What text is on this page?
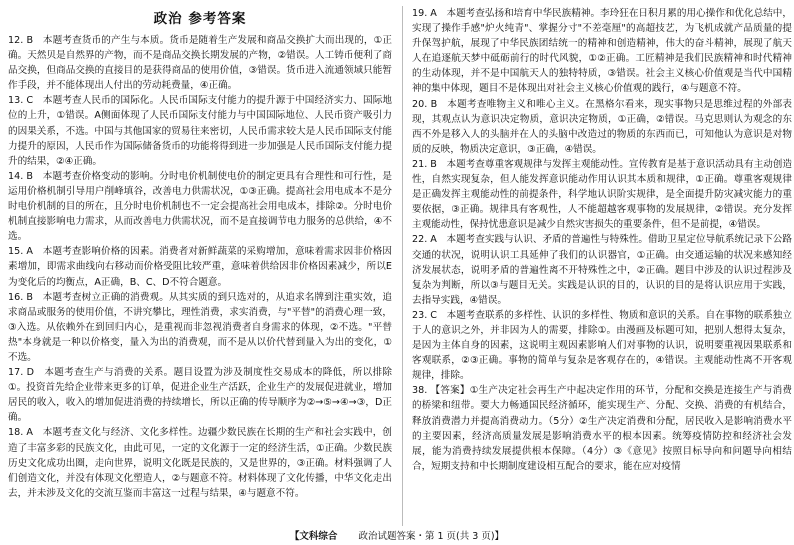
政治 参考答案

12. B　本题考查货币的产生与本质。货币是随着生产发展和商品交换扩大而出现的，①正确。天然贝是自然界的产物，而不是商品交换长期发展的产物，②错误。人工铸币便利了商品交换，但商品交换的直接目的是获得商品的使用价值，③错误。货币进入流通领域只能暂作手段，并不能体现出人付出的劳动耗费量，④正确。

13. C　本题考查人民币的国际化。人民币国际支付能力的提升源于中国经济实力、国际地位的上升，①错误。A侧面体现了人民币国际支付能力与中国国际地位、人民币资产吸引力的因果关系，不选。中国与其他国家的贸易往来密切，人民币需求较大是人民币国际支付能力提升的原因，人民币作为国际储备货币的功能将得到进一步加强是人民币国际支付能力提升的结果，②④正确。

14. B　本题考查价格变动的影响。分时电价机制使电价的制定更具有合理性和可行性，是运用价格机制引导用户削峰填谷，改善电力供需状况，①③正确。提高社会用电成本不是分时电价机制的目的所在，且分时电价机制也不一定会提高社会用电成本，排除②。分时电价机制直接影响电力需求，从而改善电力供需状况，而不是直接调节电力服务的总供给，④不选。

15. A　本题考查影响价格的因素。消费者对新鲜蔬菜的采购增加，意味着需求因非价格因素增加，即需求曲线向右移动而价格受阻比较严重，意味着供给因非价格因素减少，所以E为变化后的均衡点，A正确，B、C、D不符合题意。

16. B　本题考查树立正确的消费观。从其实质的到只选对的，从追求名牌到注重实效，追求商品或服务的使用价值，不讲究攀比，理性消费，求实消费，与"平替"的消费心理一致，③入选。从依赖外在到回归内心，是重视而非忽视消费者自身需求的体现，②不选。"平替热"本身就是一种以价格变，量入为出的消费观，而不是从以价代替到量入为出的变化，①不选。

17. D　本题考查生产与消费的关系。题目设置为涉及制度性交易成本的降低，所以排除①。投资首先给企业带来更多的订单，促进企业生产活跃，企业生产的发展促进就业，增加居民的收入，收入的增加促进消费的持续增长，所以正确的传导顺序为②→⑤→④→③，D正确。

18. A　本题考查文化与经济、文化多样性。边疆少数民族在长期的生产和社会实践中，创造了丰富多彩的民族文化，由此可见，一定的文化源于一定的经济生活，①正确。少数民族历史文化成功出圈，走向世界，说明文化既是民族的，又是世界的，③正确。材料强调了人们创造文化，并没有体现文化塑造人，②与题意不符。材料体现了文化传播，中华文化走出去，并未涉及文化的交流互鉴而丰富这一过程与结果，④与题意不符。

19. A　本题考查弘扬和培育中华民族精神。李玲狂在日积月累的用心操作和优化总结中，实现了操作手感"炉火纯青"、掌握分寸"不差毫厘"的高超技艺，为飞机成就产品质量的提升保驾护航，展现了中华民族团结统一的精神和创造精神，伟大的奋斗精神，展现了航天人在追逐航天梦中砥砺前行的时代风貌，①②正确。工匠精神是我们民族精神和时代精神的生动体现，并不是中国航天人的独特特质，③错误。社会主义核心价值观是当代中国精神的集中体现，题目不是体现出对社会主义核心价值观的践行，④与题意不符。

20. B　本题考查唯物主义和唯心主义。在黑格尔看来，现实事物只是思维过程的外部表现，其观点认为意识决定物质，意识决定物质，①正确，②错误。马克思则认为观念的东西不外是移入人的头脑并在人的头脑中改造过的物质的东西而已，可知他认为意识是对物质的反映，物质决定意识，③正确，④错误。

21. B　本题考查尊重客观规律与发挥主观能动性。宣传教育是基于意识活动具有主动创造性，自然实现复杂，但人能发挥意识能动作用认识其本质和规律，①正确。尊重客观规律是正确发挥主观能动性的前提条件，科学地认识阶实规律，是全面提升防灾减灾能力的重要依据，③正确。规律具有客观性，人不能超越客观事物的发展规律，②错误。充分发挥主观能动性，保持忧患意识是减少自然灾害损失的重要条件，但不是前提，④错误。

22. A　本题考查实践与认识、矛盾的普遍性与特殊性。借助卫星定位导航系统记录下公路交通的状况，说明认识工具延伸了我们的认识器官，①正确。由交通运输的状况来感知经济发展状态，说明矛盾的普遍性离不开特殊性之中，②正确。题目中涉及的认识过程涉及复杂为判断，所以③与题目无关。实践是认识的目的，认识的目的是将认识应用于实践，去指导实践，④错误。

23. C　本题考查联系的多样性、认识的多样性、物质和意识的关系。自在事物的联系独立于人的意识之外，并非因为人的需要，排除①。由漫画及标题可知，把别人想得太复杂，是因为主体自身的因素，这说明主观因素影响人们对事物的认识，说明要重视因果联系和客观联系，②③正确。事物的简单与复杂是客观存在的，④错误。主观能动性离不开客观规律，排除。

38. 【答案】①生产决定社会再生产中起决定作用的环节，分配和交换是连接生产与消费的桥梁和纽带。要大力畅通国民经济循环，能实现生产、分配、交换、消费的有机结合，释放消费潜力并提高消费动力。（5分）②生产决定消费和分配，居民收入是影响消费水平的主要因素，经济高质量发展是影响消费水平的根本因素。统筹疫情防控和经济社会发展，能为消费持续发展提供根本保障。（4分）③《意见》按照目标导向和问题导向相结合，短期支持和中长期制度建设相互配合的要求，能在应对疫情

【文科综合 政治试题答案・第 1 页(共 3 页)】
